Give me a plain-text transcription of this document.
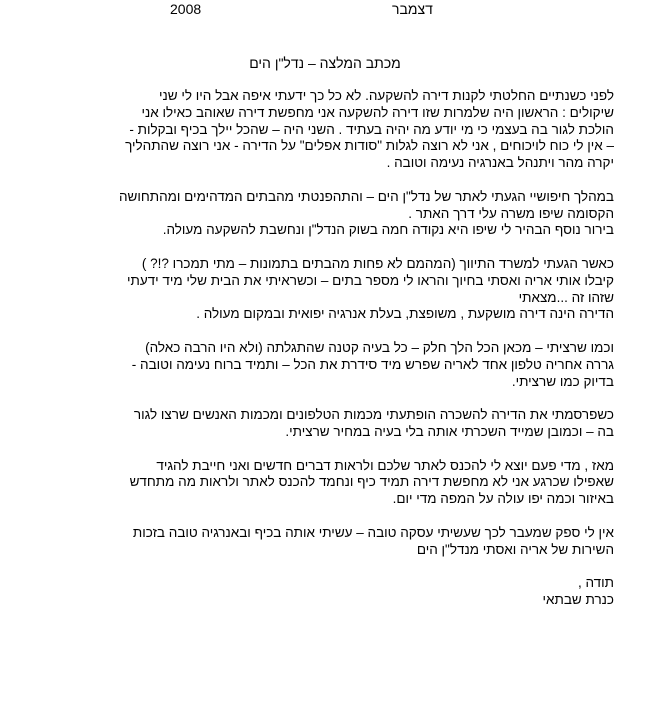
2008	דצמבר
מכתב המלצה – נדל"ן הים
לפני כשנתיים החלטתי לקנות דירה להשקעה. לא כל כך ידעתי איפה אבל היו לי שני
שיקולים : הראשון היה שלמרות שזו דירה להשקעה אני מחפשת דירה שאוהב כאילו אני
הולכת לגור בה בעצמי כי מי יודע מה יהיה בעתיד . השני היה – שהכל יילך בכיף ובקלות -
– אין לי כוח לויכוחים , אני לא רוצה לגלות "סודות אפלים" על הדירה - אני רוצה שהתהליך
יקרה מהר ויתנהל באנרגיה נעימה וטובה .
במהלך חיפושיי הגעתי לאתר של נדל"ן הים – והתהפנטתי מהבתים המדהימים ומהתחושה
הקסומה שיפו משרה עלי דרך האתר .
בירור נוסף הבהיר לי שיפו היא נקודה חמה בשוק הנדל"ן ונחשבת להשקעה מעולה.
כאשר הגעתי למשרד התיווך (המהמם לא פחות מהבתים בתמונות – מתי תמכרו ?!? )
קיבלו אותי אריה ואסתי בחיוך והראו לי מספר בתים – וכשראיתי את הבית שלי מיד ידעתי
שזהו זה ...מצאתי
הדירה הינה דירה מושקעת , משופצת, בעלת אנרגיה יפואית ובמקום מעולה .
וכמו שרציתי – מכאן הכל הלך חלק – כל בעיה קטנה שהתגלתה (ולא היו הרבה כאלה)
גררה אחריה טלפון אחד לאריה שפרש מיד סידרת את הכל – ותמיד ברוח נעימה וטובה -
בדיוק כמו שרציתי.
כשפרסמתי את הדירה להשכרה הופתעתי מכמות הטלפונים ומכמות האנשים שרצו לגור
בה – וכמובן שמייד השכרתי אותה בלי בעיה במחיר שרציתי.
מאז , מדי פעם יוצא לי להכנס לאתר שלכם ולראות דברים חדשים ואני חייבת להגיד
שאפילו שכרגע אני לא מחפשת דירה תמיד כיף ונחמד להכנס לאתר ולראות מה מתחדש
באיזור וכמה יפו עולה על המפה מדי יום.
אין לי ספק שמעבר לכך שעשיתי עסקה טובה – עשיתי אותה בכיף ובאנרגיה טובה בזכות
השירות של אריה ואסתי מנדל"ן הים
תודה ,
כנרת שבתאי
